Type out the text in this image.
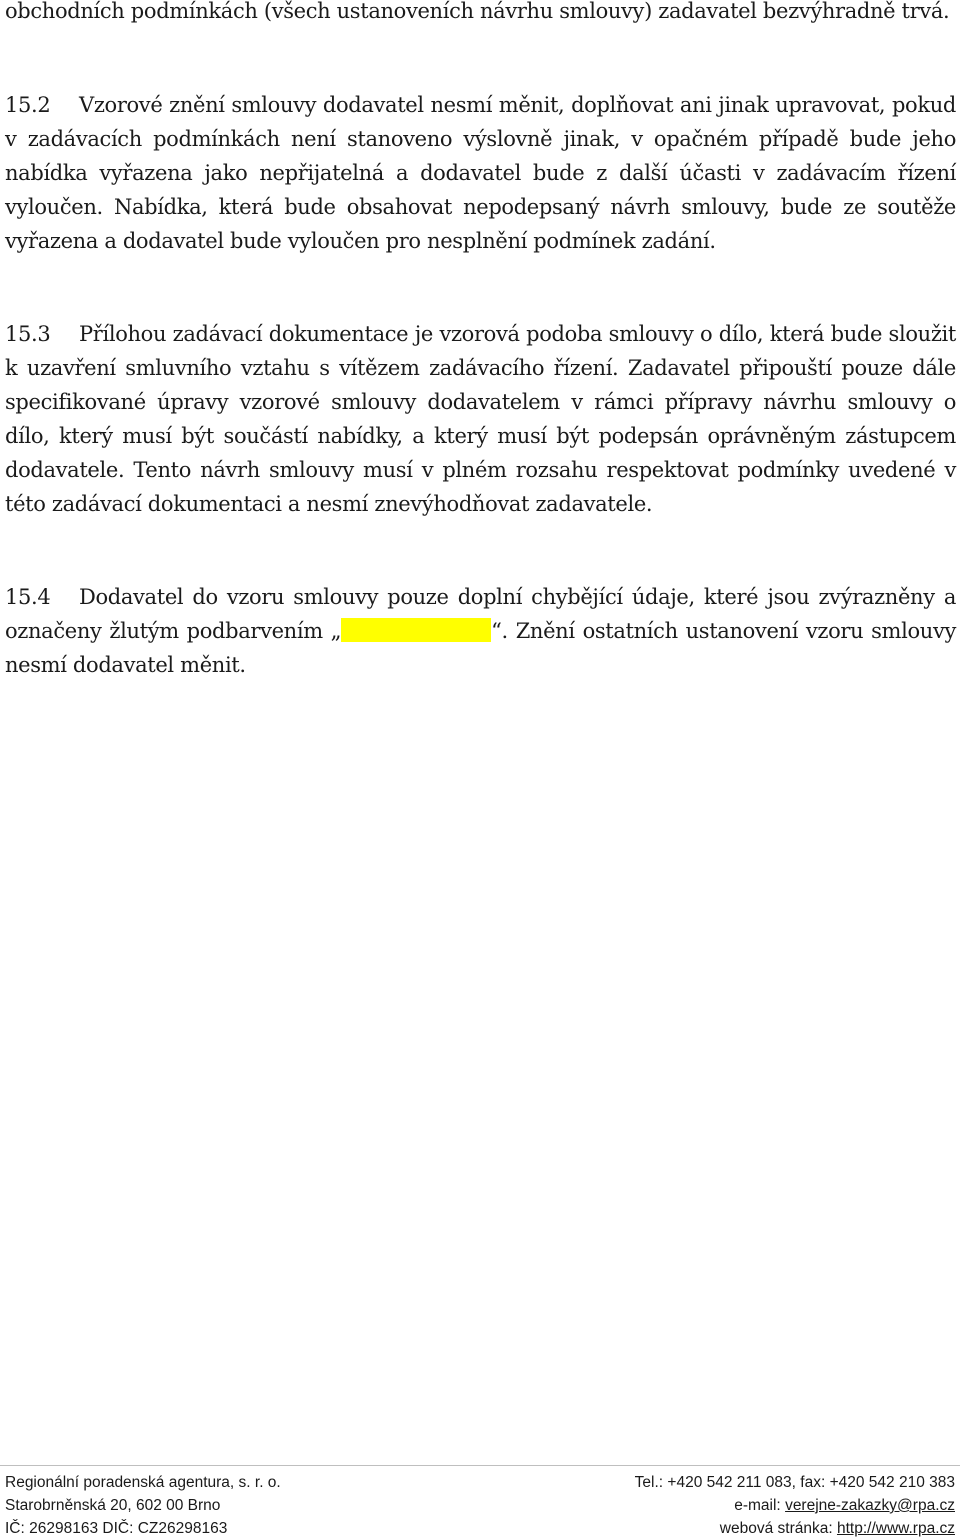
obchodních podmínkách (všech ustanoveních návrhu smlouvy) zadavatel bezvýhradně trvá.
15.2 Vzorové znění smlouvy dodavatel nesmí měnit, doplňovat ani jinak upravovat, pokud v zadávacích podmínkách není stanoveno výslovně jinak, v opačném případě bude jeho nabídka vyřazena jako nepřijatelná a dodavatel bude z další účasti v zadávacím řízení vyloučen. Nabídka, která bude obsahovat nepodepsaný návrh smlouvy, bude ze soutěže vyřazena a dodavatel bude vyloučen pro nesplnění podmínek zadání.
15.3 Přílohou zadávací dokumentace je vzorová podoba smlouvy o dílo, která bude sloužit k uzavření smluvního vztahu s vítězem zadávacího řízení. Zadavatel připouští pouze dále specifikované úpravy vzorové smlouvy dodavatelem v rámci přípravy návrhu smlouvy o dílo, který musí být součástí nabídky, a který musí být podepsán oprávněným zástupcem dodavatele. Tento návrh smlouvy musí v plném rozsahu respektovat podmínky uvedené v této zadávací dokumentaci a nesmí znevýhodňovat zadavatele.
15.4 Dodavatel do vzoru smlouvy pouze doplní chybějící údaje, které jsou zvýrazněny a označeny žlutým podbarvením „	“. Znění ostatních ustanovení vzoru smlouvy nesmí dodavatel měnit.
Regionální poradenská agentura, s. r. o.
Starobrněnská 20, 602 00 Brno
IČ: 26298163 DIČ: CZ26298163
Tel.: +420 542 211 083, fax: +420 542 210 383
e-mail: verejne-zakazky@rpa.cz
webová stránka: http://www.rpa.cz
